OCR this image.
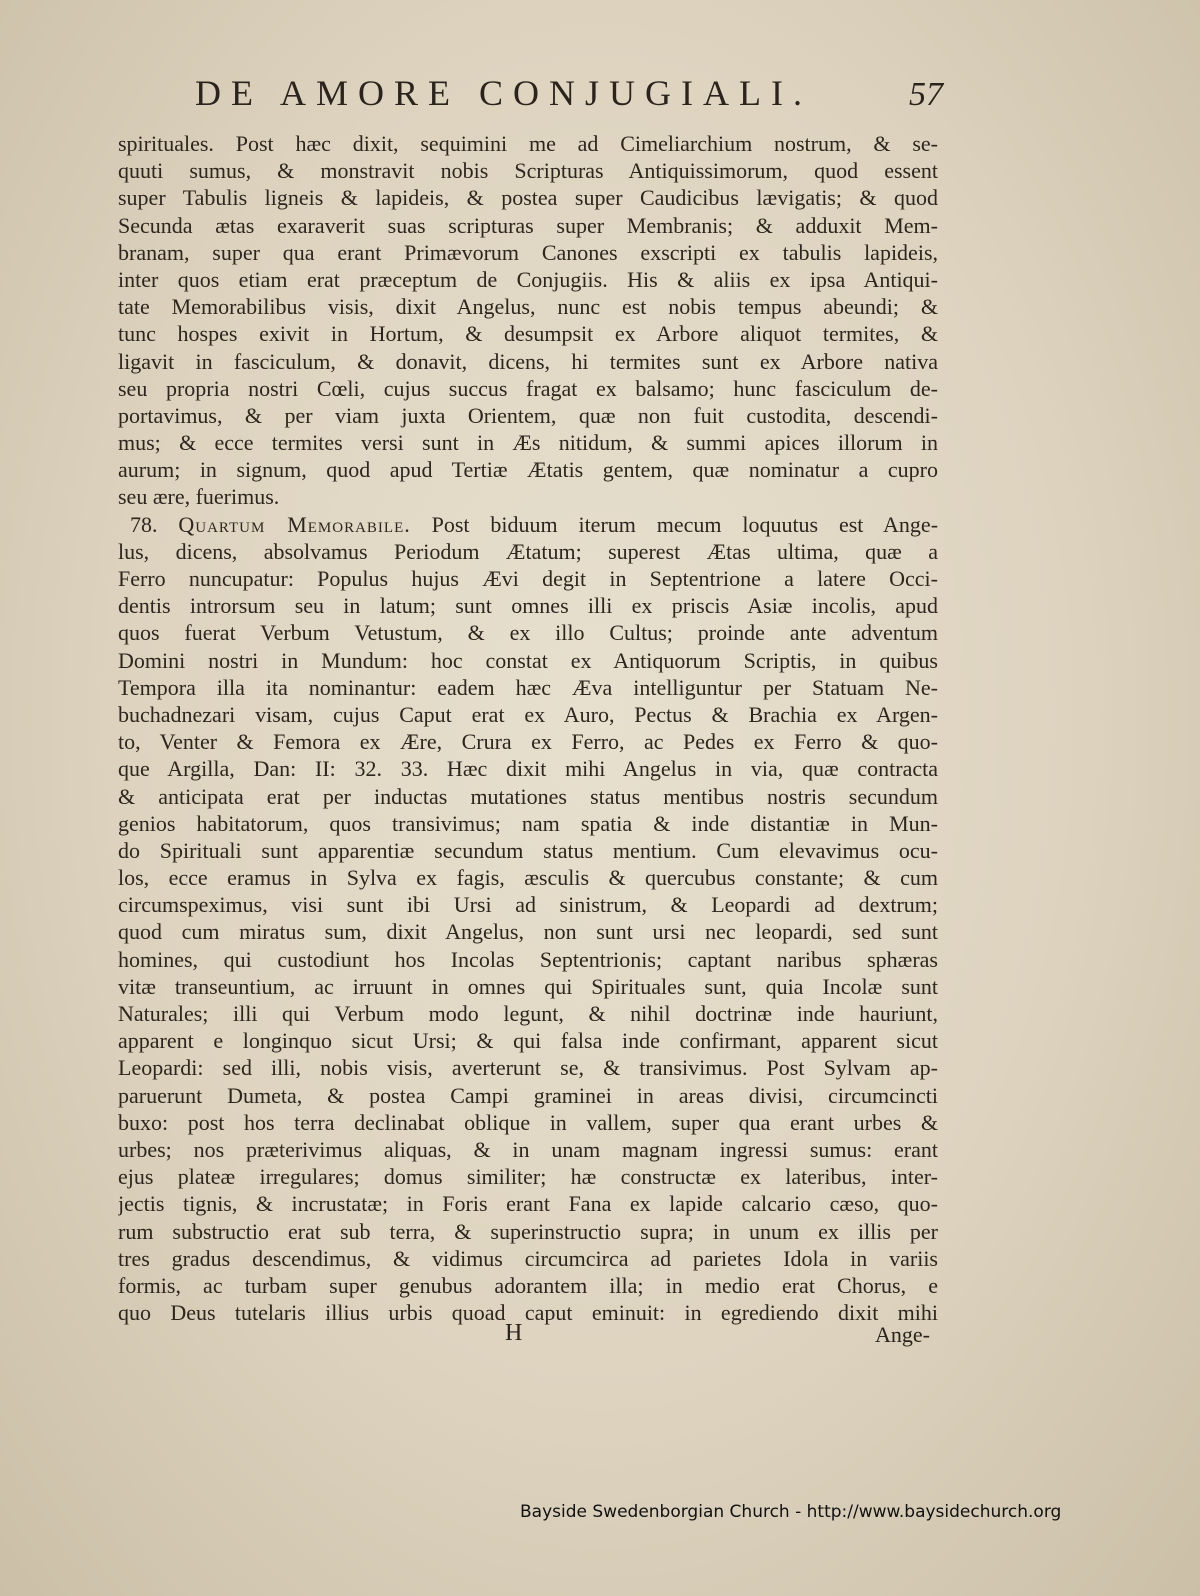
DE AMORE CONJUGIALI.	57
spirituales. Post hæc dixit, sequimini me ad Cimeliarchium nostrum, & se-
quuti sumus, & monstravit nobis Scripturas Antiquissimorum, quod essent
super Tabulis ligneis & lapideis, & postea super Caudicibus lævigatis; & quod
Secunda ætas exaraverit suas scripturas super Membranis; & adduxit Mem-
branam, super qua erant Primævorum Canones exscripti ex tabulis lapideis,
inter quos etiam erat præceptum de Conjugiis. His & aliis ex ipsa Antiqui-
tate Memorabilibus visis, dixit Angelus, nunc est nobis tempus abeundi; &
tunc hospes exivit in Hortum, & desumpsit ex Arbore aliquot termites, &
ligavit in fasciculum, & donavit, dicens, hi termites sunt ex Arbore nativa
seu propria nostri Cœli, cujus succus fragat ex balsamo; hunc fasciculum de-
portavimus, & per viam juxta Orientem, quæ non fuit custodita, descendi-
mus; & ecce termites versi sunt in Æs nitidum, & summi apices illorum in
aurum; in signum, quod apud Tertiæ Ætatis gentem, quæ nominatur a cupro
seu ære, fuerimus.
78. Quartum Memorabile. Post biduum iterum mecum loquutus est Ange-
lus, dicens, absolvamus Periodum Ætatum; superest Ætas ultima, quæ a
Ferro nuncupatur: Populus hujus Ævi degit in Septentrione a latere Occi-
dentis introrsum seu in latum; sunt omnes illi ex priscis Asiæ incolis, apud
quos fuerat Verbum Vetustum, & ex illo Cultus; proinde ante adventum
Domini nostri in Mundum: hoc constat ex Antiquorum Scriptis, in quibus
Tempora illa ita nominantur: eadem hæc Æva intelliguntur per Statuam Ne-
buchadnezari visam, cujus Caput erat ex Auro, Pectus & Brachia ex Argen-
to, Venter & Femora ex Ære, Crura ex Ferro, ac Pedes ex Ferro & quo-
que Argilla, Dan: II: 32. 33. Hæc dixit mihi Angelus in via, quæ contracta
& anticipata erat per inductas mutationes status mentibus nostris secundum
genios habitatorum, quos transivimus; nam spatia & inde distantiæ in Mun-
do Spirituali sunt apparentiæ secundum status mentium. Cum elevavimus ocu-
los, ecce eramus in Sylva ex fagis, æsculis & quercubus constante; & cum
circumspeximus, visi sunt ibi Ursi ad sinistrum, & Leopardi ad dextrum;
quod cum miratus sum, dixit Angelus, non sunt ursi nec leopardi, sed sunt
homines, qui custodiunt hos Incolas Septentrionis; captant naribus sphæras
vitæ transeuntium, ac irruunt in omnes qui Spirituales sunt, quia Incolæ sunt
Naturales; illi qui Verbum modo legunt, & nihil doctrinæ inde hauriunt,
apparent e longinquo sicut Ursi; & qui falsa inde confirmant, apparent sicut
Leopardi: sed illi, nobis visis, averterunt se, & transivimus. Post Sylvam ap-
paruerunt Dumeta, & postea Campi graminei in areas divisi, circumcincti
buxo: post hos terra declinabat oblique in vallem, super qua erant urbes &
urbes; nos præterivimus aliquas, & in unam magnam ingressi sumus: erant
ejus plateæ irregulares; domus similiter; hæ constructæ ex lateribus, inter-
jectis tignis, & incrustatæ; in Foris erant Fana ex lapide calcario cæso, quo-
rum substructio erat sub terra, & superinstructio supra; in unum ex illis per
tres gradus descendimus, & vidimus circumcirca ad parietes Idola in variis
formis, ac turbam super genubus adorantem illa; in medio erat Chorus, e
quo Deus tutelaris illius urbis quoad caput eminuit: in egrediendo dixit mihi
H	Ange-
Bayside Swedenborgian Church - http://www.baysidechurch.org
